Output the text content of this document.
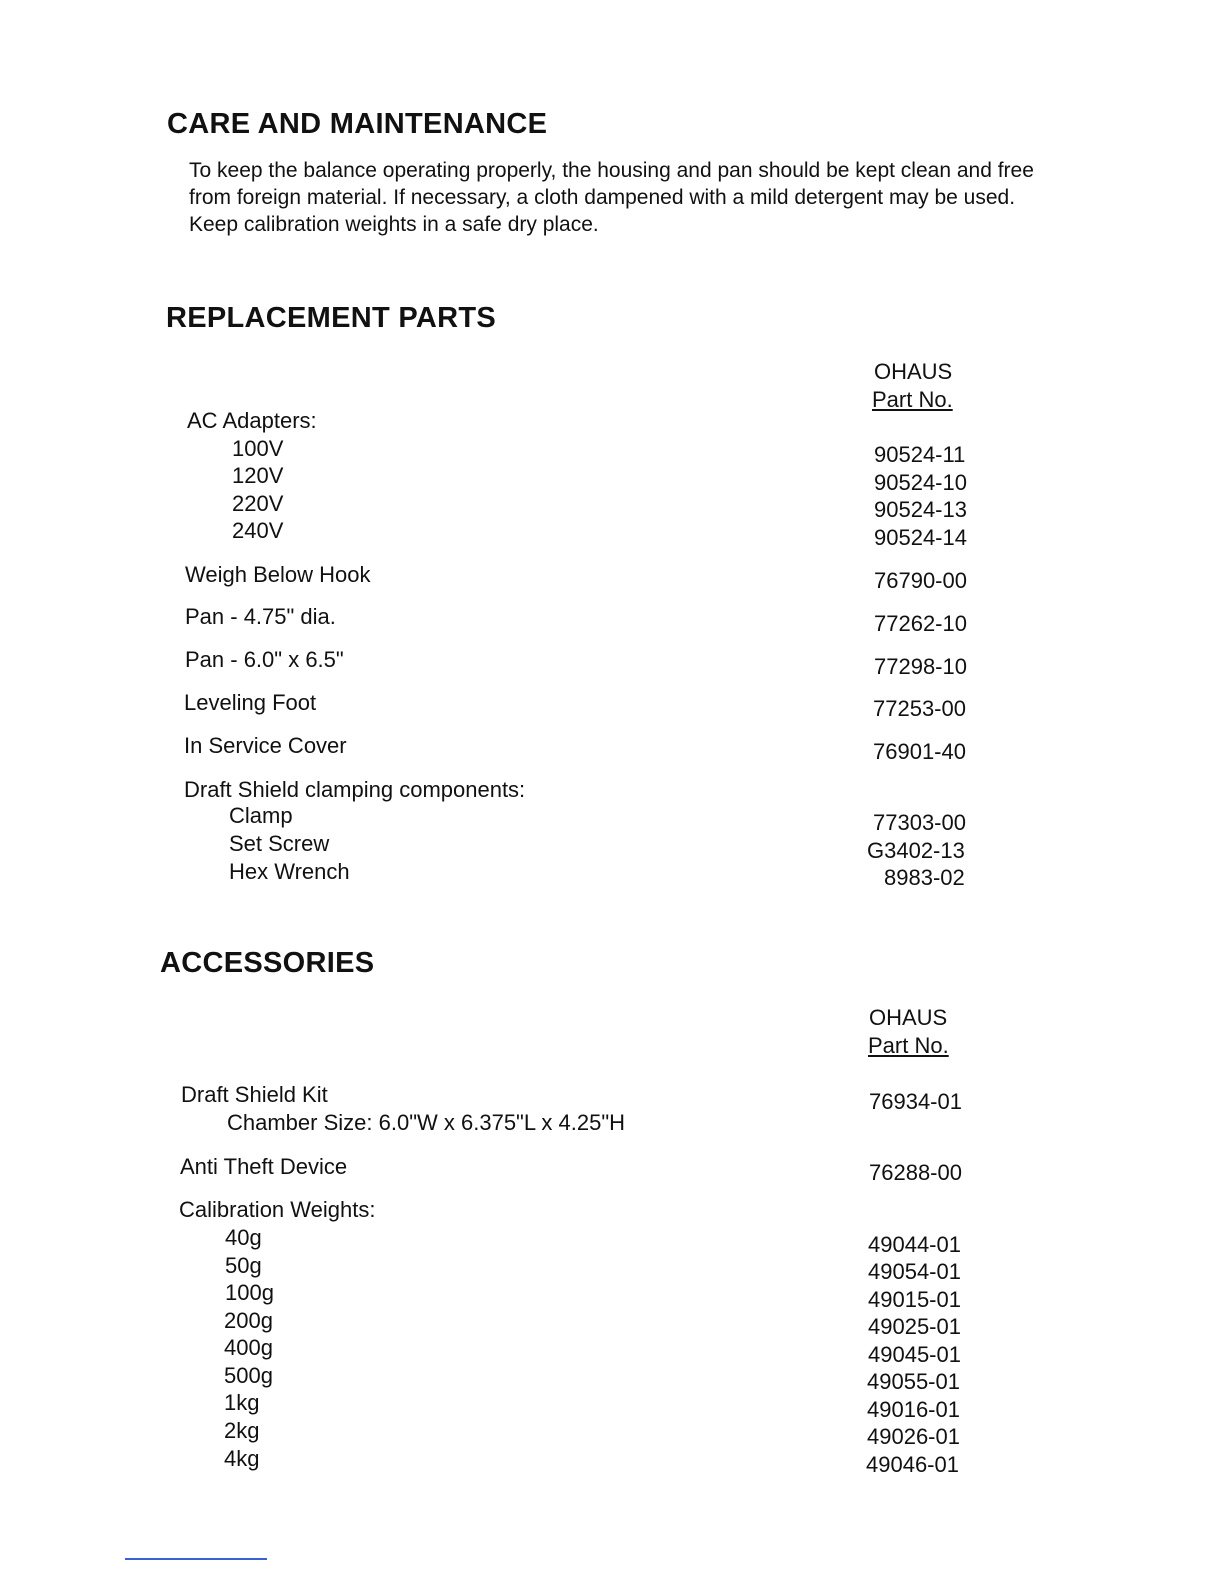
CARE AND MAINTENANCE

To keep the balance operating properly, the housing and pan should be kept clean and free from foreign material. If necessary, a cloth dampened with a mild detergent may be used. Keep calibration weights in a safe dry place.

REPLACEMENT PARTS
OHAUS
Part No.
AC Adapters:
100V	90524-11
120V	90524-10
220V	90524-13
240V	90524-14
Weigh Below Hook	76790-00
Pan - 4.75" dia.	77262-10
Pan - 6.0" x 6.5"	77298-10
Leveling Foot	77253-00
In Service Cover	76901-40
Draft Shield clamping components:
Clamp	77303-00
Set Screw	G3402-13
Hex Wrench	8983-02
ACCESSORIES
OHAUS
Part No.
Draft Shield Kit	76934-01
Chamber Size: 6.0"W x 6.375"L x 4.25"H
Anti Theft Device	76288-00
Calibration Weights:
40g	49044-01
50g	49054-01
100g	49015-01
200g	49025-01
400g	49045-01
500g	49055-01
1kg	49016-01
2kg	49026-01
4kg	49046-01
